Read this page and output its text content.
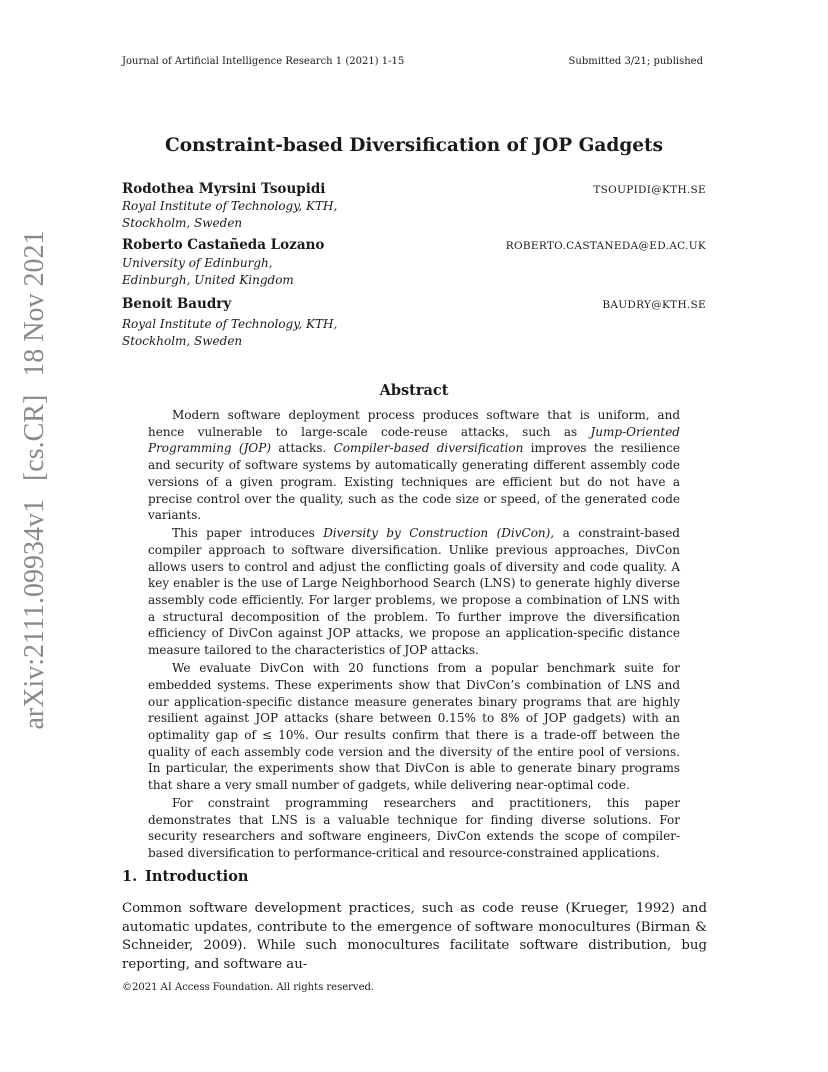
Journal of Artificial Intelligence Research 1 (2021) 1-15	Submitted 3/21; published
arXiv:2111.09934v1[cs.CR]18 Nov 2021
Constraint-based Diversification of JOP Gadgets
Rodothea Myrsini Tsoupidi	TSOUPIDI@KTH.SE
Royal Institute of Technology, KTH,
Stockholm, Sweden
Roberto Castañeda Lozano	ROBERTO.CASTANEDA@ED.AC.UK
University of Edinburgh,
Edinburgh, United Kingdom
Benoit Baudry	BAUDRY@KTH.SE
Royal Institute of Technology, KTH,
Stockholm, Sweden
Abstract

Modern software deployment process produces software that is uniform, and hence vulnerable to large-scale code-reuse attacks, such as Jump-Oriented Programming (JOP) attacks. Compiler-based diversification improves the resilience and security of software systems by automatically generating different assembly code versions of a given program. Existing techniques are efficient but do not have a precise control over the quality, such as the code size or speed, of the generated code variants.

This paper introduces Diversity by Construction (DivCon), a constraint-based compiler approach to software diversification. Unlike previous approaches, DivCon allows users to control and adjust the conflicting goals of diversity and code quality. A key enabler is the use of Large Neighborhood Search (LNS) to generate highly diverse assembly code efficiently. For larger problems, we propose a combination of LNS with a structural decomposition of the problem. To further improve the diversification efficiency of DivCon against JOP attacks, we propose an application-specific distance measure tailored to the characteristics of JOP attacks.

We evaluate DivCon with 20 functions from a popular benchmark suite for embedded systems. These experiments show that DivCon’s combination of LNS and our application-specific distance measure generates binary programs that are highly resilient against JOP attacks (share between 0.15% to 8% of JOP gadgets) with an optimality gap of ≤ 10%. Our results confirm that there is a trade-off between the quality of each assembly code version and the diversity of the entire pool of versions. In particular, the experiments show that DivCon is able to generate binary programs that share a very small number of gadgets, while delivering near-optimal code.

For constraint programming researchers and practitioners, this paper demonstrates that LNS is a valuable technique for finding diverse solutions. For security researchers and software engineers, DivCon extends the scope of compiler-based diversification to performance-critical and resource-constrained applications.

1. Introduction

Common software development practices, such as code reuse (Krueger, 1992) and automatic updates, contribute to the emergence of software monocultures (Birman & Schneider, 2009). While such monocultures facilitate software distribution, bug reporting, and software au-

©2021 AI Access Foundation. All rights reserved.
